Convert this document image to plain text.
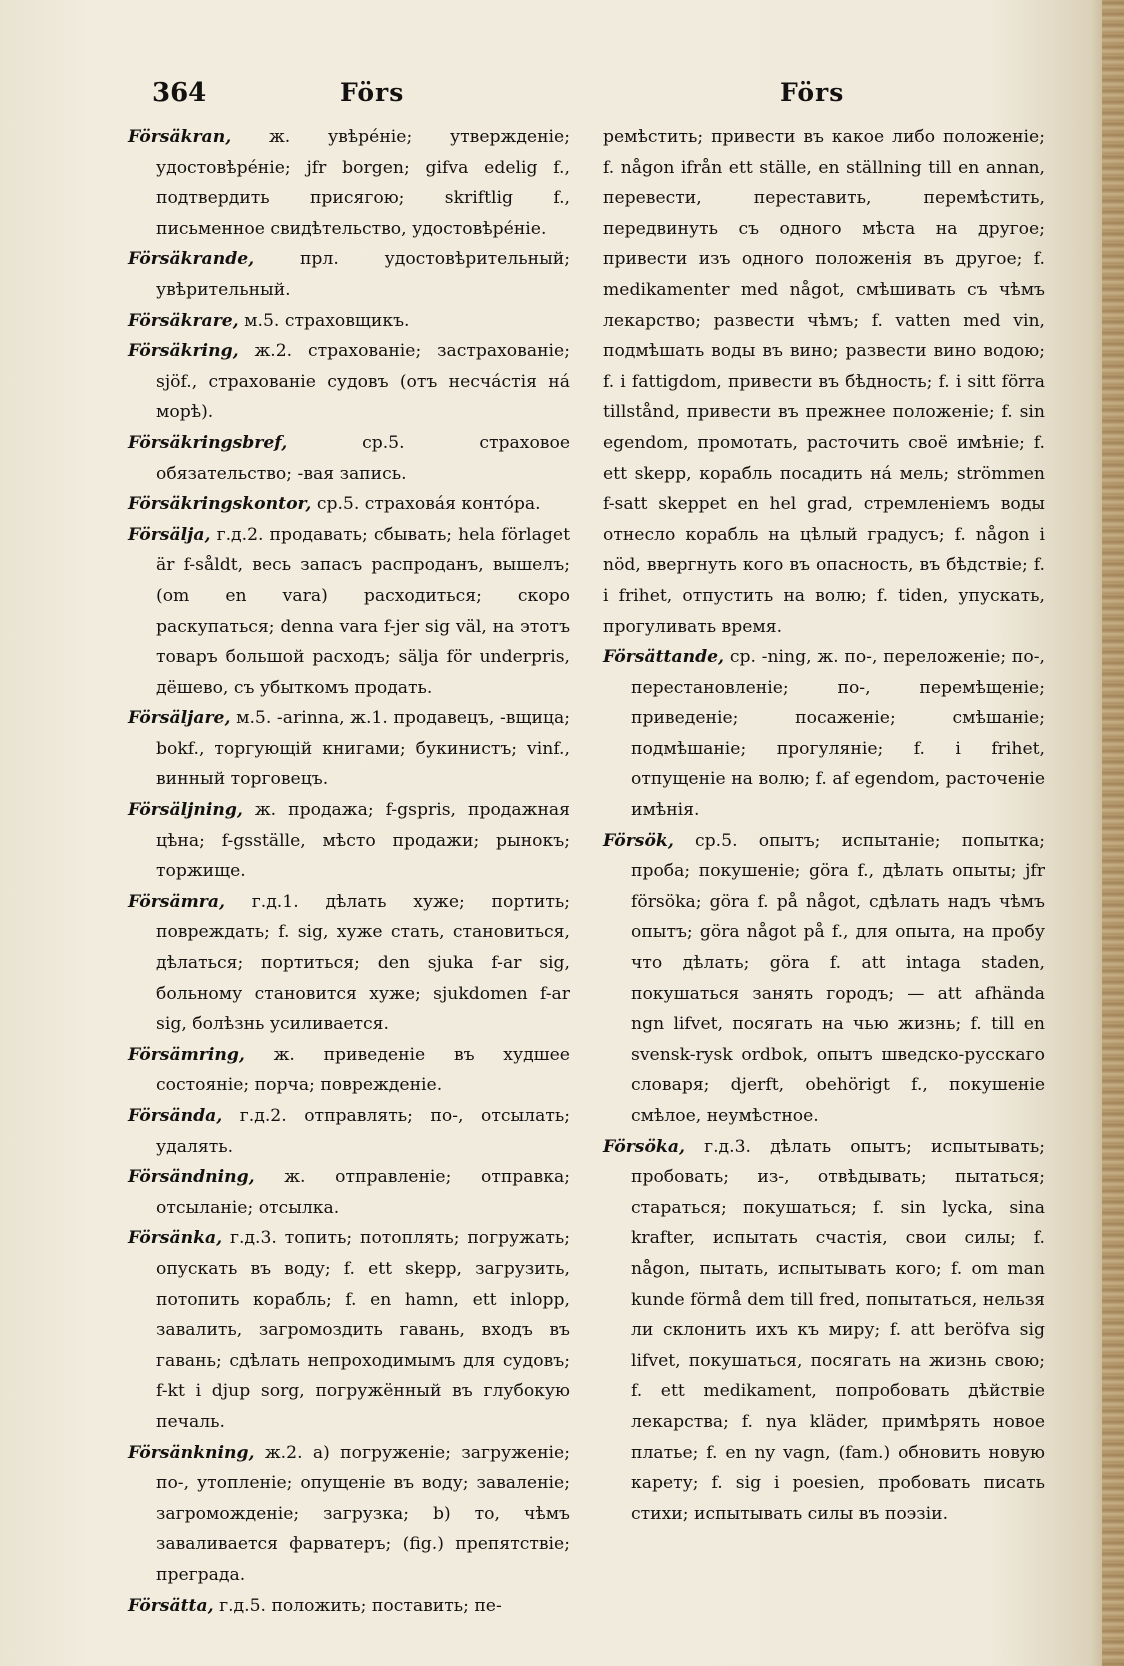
364	Förs	Förs

Försäkran, ж. увѣрéніе; утвержденіе; удостовѣрéніе; jfr borgen; gifva edelig f., подтвердить присягою; skriftlig f., письменное свидѣтельство, удостовѣрéніе.

Försäkrande,	прл. удостовѣрительный; увѣрительный.

Försäkrare, м.5. страховщикъ.

Försäkring, ж.2. страхованіе; застрахованіе; sjöf., страхованіе судовъ (отъ несчáстія нá морѣ).

Försäkringsbref,	ср.5. страховое обязательство; -вая запись.

Försäkringskontor, ср.5. страховáя контóра.

Försälja, г.д.2. продавать; сбывать; hela förlaget är f-såldt, весь запасъ распроданъ, вышелъ; (om en vara) расходиться; скоро раскупаться; denna vara f-jer sig väl, на этотъ товаръ большой расходъ; sälja för underpris, дёшево, съ убыткомъ продать.

Försäljare, м.5. -arinna, ж.1. продавецъ, -вщица; bokf., торгующій книгами; букинистъ; vinf., винный торговецъ.

Försäljning, ж. продажа; f-gspris, продажная цѣна; f-gsställe, мѣсто продажи; рынокъ; торжище.

Försämra, г.д.1. дѣлать хуже; портить; повреждать; f. sig, хуже стать, становиться, дѣлаться; портиться; den sjuka f-ar sig, больному становится хуже; sjukdomen f-ar sig, болѣзнь усиливается.

Försämring, ж. приведеніе въ худшее состояніе; порча; поврежденіе.

Försända, г.д.2. отправлять; по-, отсылать; удалять.

Försändning, ж. отправленіе; отправка; отсыланіе; отсылка.

Försänka, г.д.3. топить; потоплять; погружать; опускать въ воду; f. ett skepp, загрузить, потопить корабль; f. en hamn, ett inlopp, завалить, загромоздить гавань, входъ въ гавань; сдѣлать непроходимымъ для судовъ; f-kt i djup sorg, погружённый въ глубокую печаль.

Försänkning, ж.2. a) погруженіе; загруженіе; по-, утопленіе; опущеніе въ воду; заваленіе; загроможденіе; загрузка; b) то, чѣмъ заваливается фарватеръ; (fig.) препятствіе; преграда.

Försätta, г.д.5. положить; поставить; пе-

ремѣстить; привести въ какое либо положеніе; f. någon ifrån ett ställe, en ställning till en annan, перевести, переставить, перемѣстить, передвинуть съ одного мѣста на другое; привести изъ одного положенія въ другое; f. medikamenter med något, смѣшивать съ чѣмъ лекарство; развести чѣмъ; f. vatten med vin, подмѣшать воды въ вино; развести вино водою; f. i fattigdom, привести въ бѣдность; f. i sitt förra tillstånd, привести въ прежнее положеніе; f. sin egendom, промотать, расточить своё имѣніе; f. ett skepp, корабль посадить нá мель; strömmen f-satt skeppet en hel grad, стремленіемъ воды отнесло корабль на цѣлый градусъ; f. någon i nöd, ввергнуть кого въ опасность, въ бѣдствіе; f. i frihet, отпустить на волю; f. tiden, упускать, прогуливать время.

Försättande, ср. -ning, ж. по-, переложеніе; по-, перестановленіе; по-, перемѣщеніе; приведеніе; посаженіе; смѣшаніе; подмѣшаніе; прогуляніе; f. i frihet, отпущеніе на волю; f. af egendom, расточеніе имѣнія.

Försök, ср.5. опытъ; испытаніе; попытка; проба; покушеніе; göra f., дѣлать опыты; jfr försöka; göra f. på något, сдѣлать надъ чѣмъ опытъ; göra något på f., для опыта, на пробу что дѣлать; göra f. att intaga staden, покушаться занять городъ; — att afhända ngn lifvet, посягать на чью жизнь; f. till en svensk-rysk ordbok, опытъ шведско-русскаго словаря; djerft, obehörigt f., покушеніе смѣлое, неумѣстное.

Försöka, г.д.3. дѣлать опытъ; испытывать; пробовать; из-, отвѣдывать; пытаться; стараться; покушаться; f. sin lycka, sina krafter, испытать счастія, свои силы; f. någon, пытать, испытывать кого; f. om man kunde förmå dem till fred, попытаться, нельзя ли склонить ихъ къ миру; f. att beröfva sig lifvet, покушаться, посягать на жизнь свою; f. ett medikament, попробовать дѣйствіе лекарства; f. nya kläder, примѣрять новое платье; f. en ny vagn, (fam.) обновить новую карету; f. sig i poesien, пробовать писать стихи; испытывать силы въ поэзіи.
